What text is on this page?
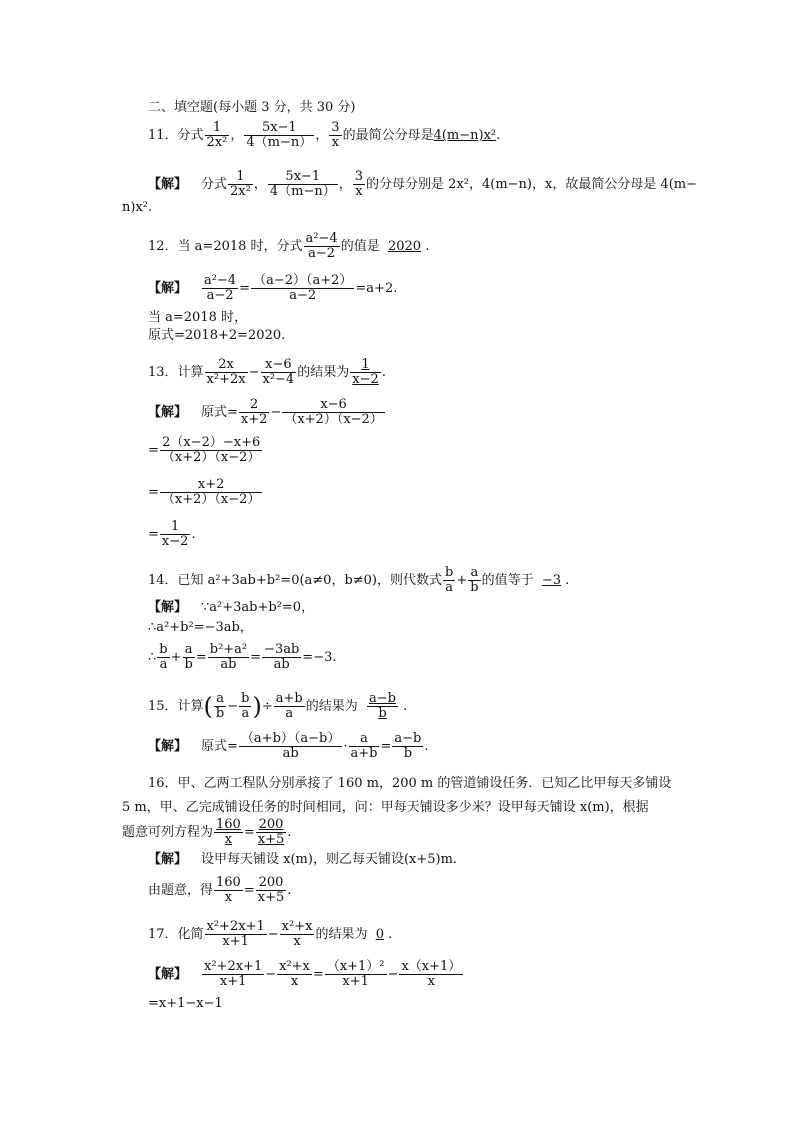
二、填空题(每小题 3 分，共 30 分)
11．分式 $\frac{1}{\text{2x²}}$ ， $\frac{5x-1}{4(m-n)}$ ， $\frac{3}{x}$ 的最简公分母是4(m−n)x².
【解】 分式 $\frac{1}{\text{2x²}}$ ， $\frac{5x-1}{4(m-n)}$ ， $\frac{3}{x}$ 的分母分别是 2x²，4(m−n)，x，故最简公分母是 4(m−
n)x².
12．当 a=2018 时，分式 $\frac{\text{a²−4}}{a-2}$ 的值是 2020 .
【解】 $\frac{\text{a²−4}}{a-2} = \frac{(a-2)(a+2)}{a-2} =a+2$.
当 a=2018 时，
原式=2018+2=2020.
13．计算 $\frac{2x}{\text{x²+2x}} - \frac{x-6}{\text{x²−4}}$ 的结果为 $\frac{1}{x-2}$ .
【解】 原式= $\frac{2}{x+2} - \frac{x-6}{(x+2)(x-2)}$
= $\frac{2(x-2)-x+6}{(x+2)(x-2)}$
= $\frac{x+2}{(x+2)(x-2)}$
= $\frac{1}{x-2}$ .
14．已知 a²+3ab+b²=0(a≠0，b≠0)，则代数式 $\frac{b}{a} + \frac{a}{b}$ 的值等于 −3 .
【解】 ∵a²+3ab+b²=0，
∴a²+b²=−3ab，
∴ $\frac{b}{a} + \frac{a}{b} = \frac{\text{b²+a²}}{ab} = \frac{-3ab}{ab} =-3$.
15．计算( $\frac{a}{b} - \frac{b}{a}$ )÷ $\frac{a+b}{a}$ 的结果为 $\frac{a-b}{b}$ .
【解】 原式= $\frac{(a+b)(a-b)}{ab} \cdot \frac{a}{a+b} = \frac{a-b}{b}$ .
16．甲、乙两工程队分别承接了 160 m，200 m 的管道铺设任务．已知乙比甲每天多铺设
5 m，甲、乙完成铺设任务的时间相同，问：甲每天铺设多少米？设甲每天铺设 x(m)，根据
题意可列方程为 $\frac{160}{x} = \frac{200}{x+5}$ .
【解】 设甲每天铺设 x(m)，则乙每天铺设(x+5)m.
由题意，得 $\frac{160}{x} = \frac{200}{x+5}$ .
17．化简 $\frac{\text{x²+2x+1}}{x+1} - \frac{\text{x²+x}}{x}$ 的结果为 0 .
【解】 $\frac{\text{x²+2x+1}}{x+1} - \frac{\text{x²+x}}{x} = \frac{\text{（x+1）²}}{x+1} - \frac{x(x+1)}{x}$
=x+1−x−1
